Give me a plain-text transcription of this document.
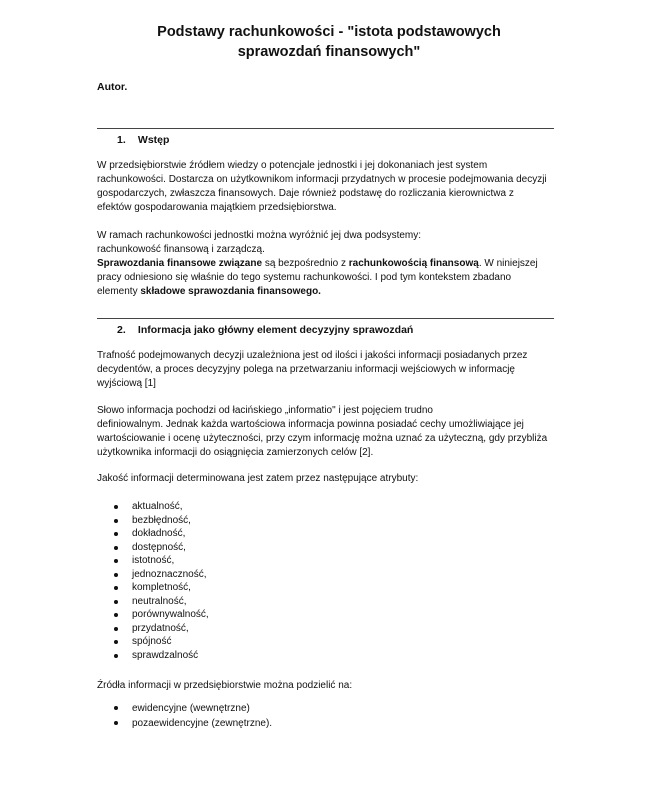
Podstawy rachunkowości - "istota podstawowych
sprawozdań finansowych"
Autor.
1. Wstęp

W przedsiębiorstwie źródłem wiedzy o potencjale jednostki i jej dokonaniach jest system

rachunkowości. Dostarcza on użytkownikom informacji przydatnych w procesie podejmowania decyzji

gospodarczych, zwłaszcza finansowych. Daje również podstawę do rozliczania kierownictwa z

efektów gospodarowania majątkiem przedsiębiorstwa.

W ramach rachunkowości jednostki można wyróżnić jej dwa podsystemy:

rachunkowość finansową i zarządczą.

Sprawozdania finansowe związane są bezpośrednio z rachunkowością finansową. W niniejszej

pracy odniesiono się właśnie do tego systemu rachunkowości. I pod tym kontekstem zbadano

elementy składowe sprawozdania finansowego.

2. Informacja jako główny element decyzyjny sprawozdań

Trafność podejmowanych decyzji uzależniona jest od ilości i jakości informacji posiadanych przez

decydentów, a proces decyzyjny polega na przetwarzaniu informacji wejściowych w informację

wyjściową [1]

Słowo informacja pochodzi od łacińskiego „informatio" i jest pojęciem trudno

definiowalnym. Jednak każda wartościowa informacja powinna posiadać cechy umożliwiające jej

wartościowanie i ocenę użyteczności, przy czym informację można uznać za użyteczną, gdy przybliża

użytkownika informacji do osiągnięcia zamierzonych celów [2].

Jakość informacji determinowana jest zatem przez następujące atrybuty:

aktualność,
bezbłędność,
dokładność,
dostępność,
istotność,
jednoznaczność,
kompletność,
neutralność,
porównywalność,
przydatność,
spójność
sprawdzalność

Źródła informacji w przedsiębiorstwie można podzielić na:

ewidencyjne (wewnętrzne)
pozaewidencyjne (zewnętrzne).
